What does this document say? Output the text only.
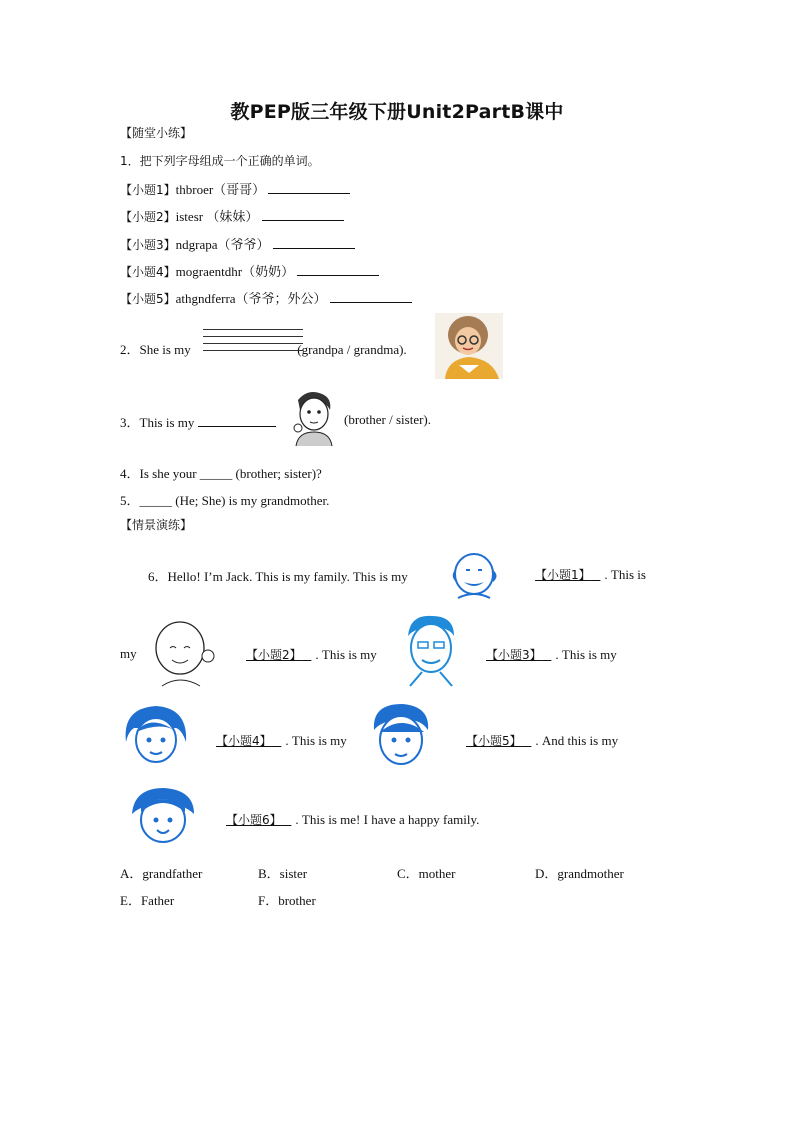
教PEP版三年级下册Unit2PartB课中
【随堂小练】
1．把下列字母组成一个正确的单词。
【小题1】thbroer（哥哥）
【小题2】istesr （妹妹）
【小题3】ndgrapa（爷爷）
【小题4】mograentdhr（奶奶）
【小题5】athgndferra（爷爷；外公）
2．She is my	(grandpa / grandma).
3．This is my	(brother / sister).
4．Is she your _____ (brother; sister)?
5．_____ (He; She) is my grandmother.
【情景演练】
6．Hello! I’m Jack. This is my family. This is my	【小题1】 . This is
my	【小题2】 . This is my	【小题3】 . This is my
【小题4】 . This is my	【小题5】 . And this is my
【小题6】 . This is me! I have a happy family.
A．grandfather	B．sister	C．mother	D．grandmother
E．Father	F．brother
